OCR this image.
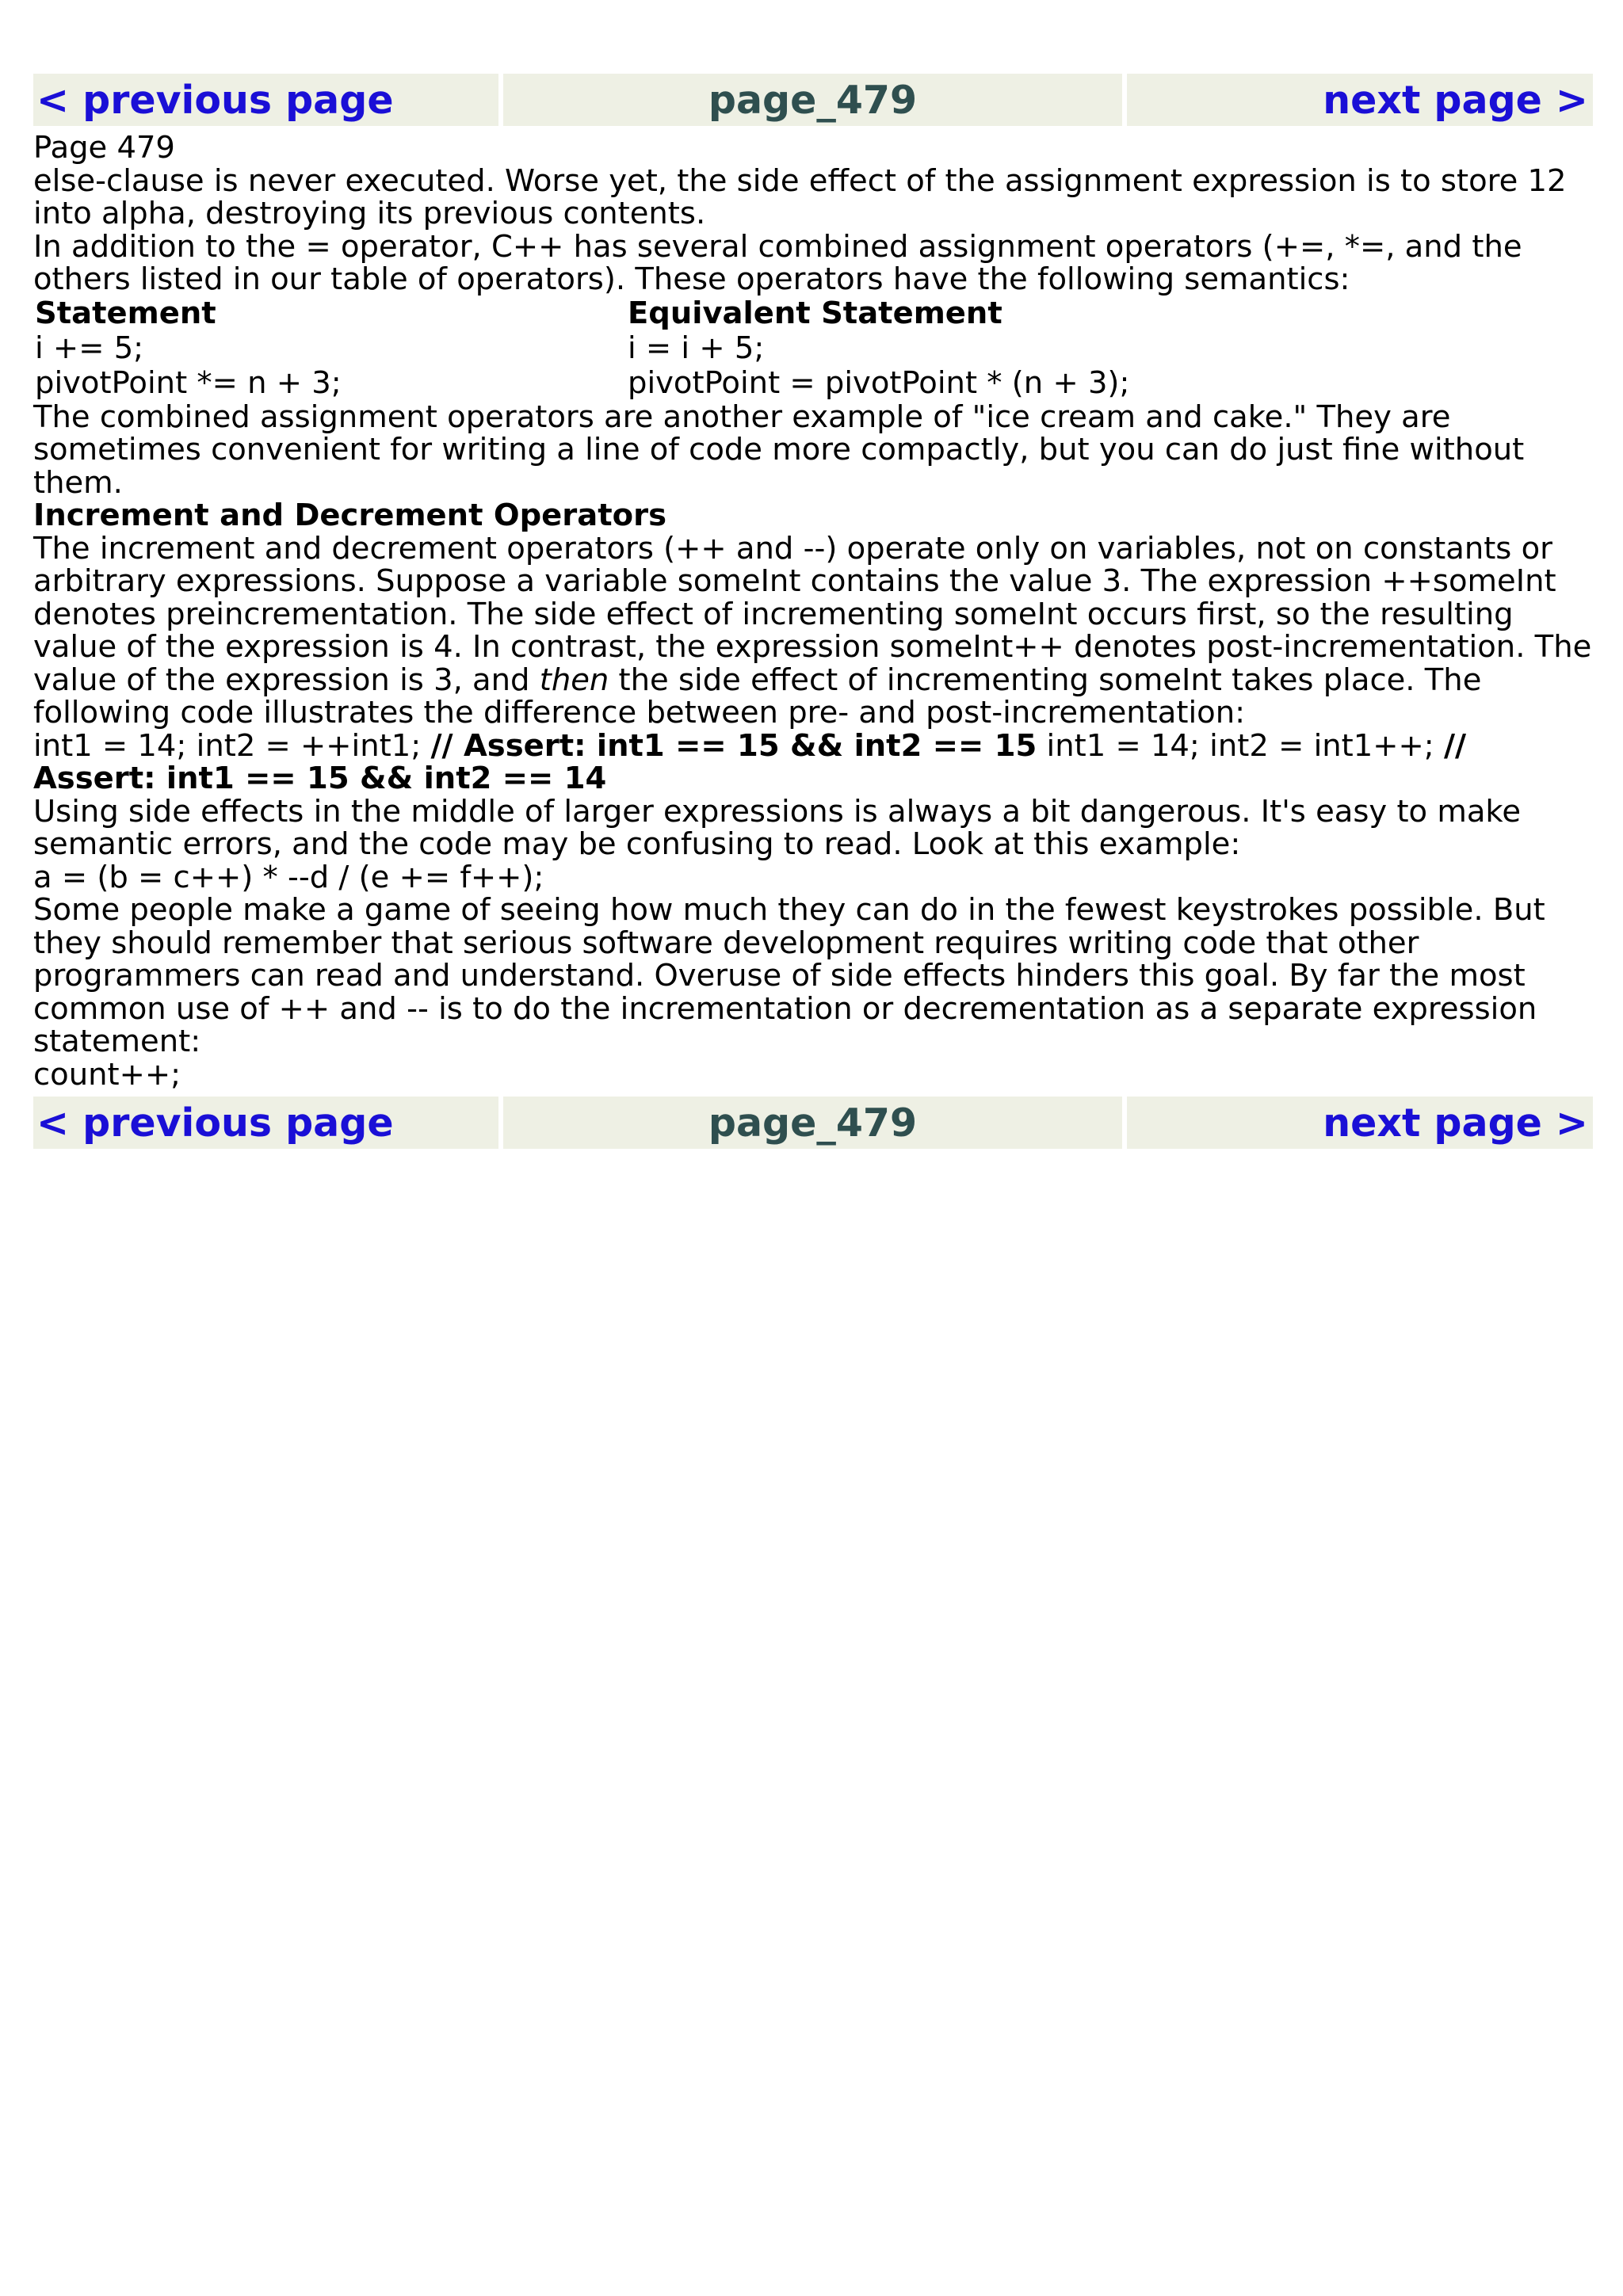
< previous page	page_479	next page >

Page 479

else-clause is never executed. Worse yet, the side effect of the assignment expression is to store 12 into alpha, destroying its previous contents.

In addition to the = operator, C++ has several combined assignment operators (+=, *=, and the others listed in our table of operators). These operators have the following semantics:

Statement	Equivalent Statement
i += 5;	i = i + 5;
pivotPoint *= n + 3;	pivotPoint = pivotPoint * (n + 3);

The combined assignment operators are another example of "ice cream and cake." They are sometimes convenient for writing a line of code more compactly, but you can do just fine without them.

Increment and Decrement Operators

The increment and decrement operators (++ and --) operate only on variables, not on constants or arbitrary expressions. Suppose a variable someInt contains the value 3. The expression ++someInt denotes preincrementation. The side effect of incrementing someInt occurs first, so the resulting value of the expression is 4. In contrast, the expression someInt++ denotes post-incrementation. The value of the expression is 3, and then the side effect of incrementing someInt takes place. The following code illustrates the difference between pre- and post-incrementation:

int1 = 14; int2 = ++int1; // Assert: int1 == 15 && int2 == 15 int1 = 14; int2 = int1++; // Assert: int1 == 15 && int2 == 14

Using side effects in the middle of larger expressions is always a bit dangerous. It's easy to make semantic errors, and the code may be confusing to read. Look at this example:

a = (b = c++) * --d / (e += f++);

Some people make a game of seeing how much they can do in the fewest keystrokes possible. But they should remember that serious software development requires writing code that other programmers can read and understand. Overuse of side effects hinders this goal. By far the most common use of ++ and -- is to do the incrementation or decrementation as a separate expression statement:

count++;

< previous page	page_479	next page >
